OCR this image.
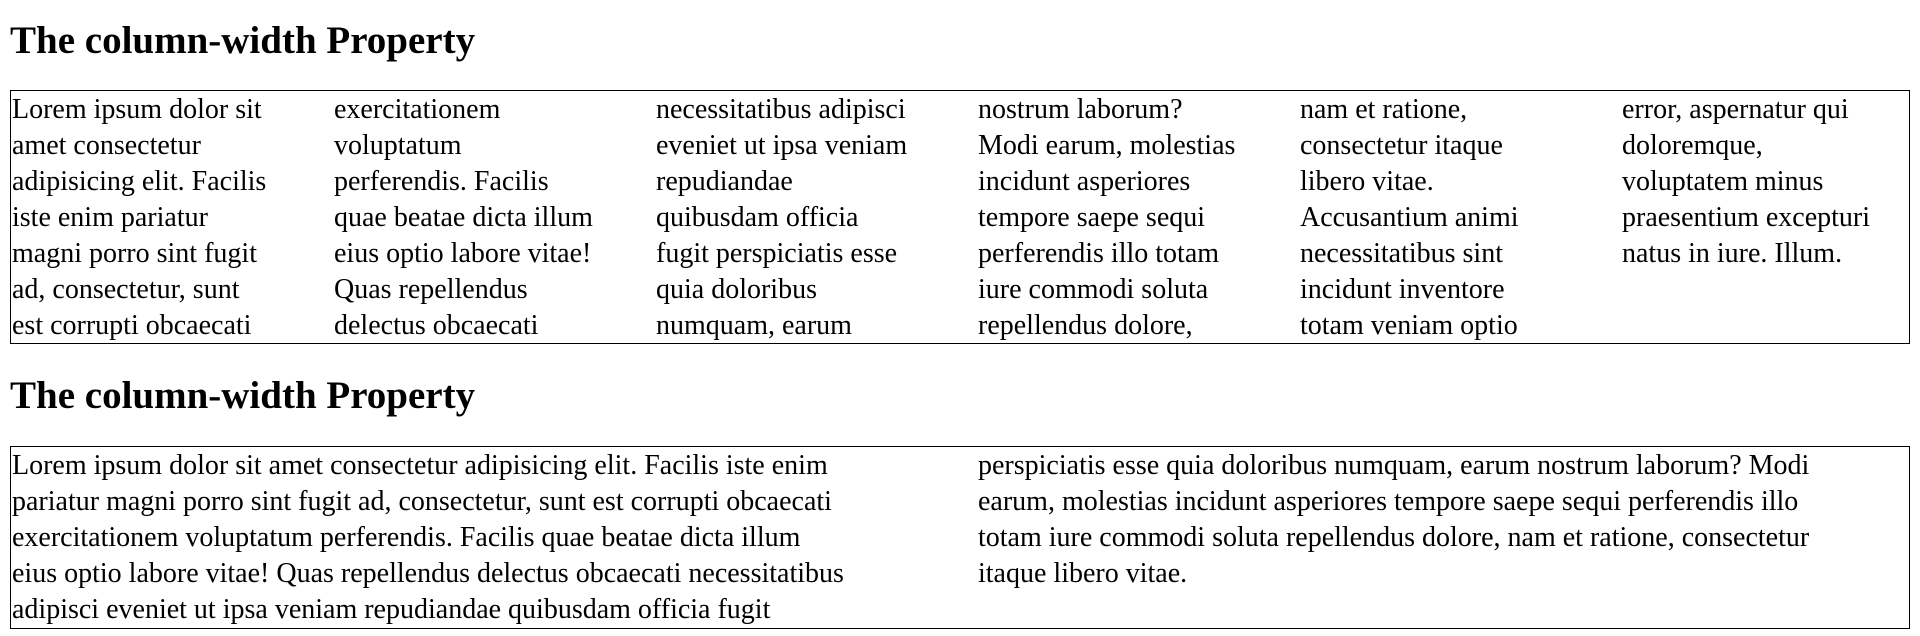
The column-width Property
Lorem ipsum dolor sit
amet consectetur
adipisicing elit. Facilis
iste enim pariatur
magni porro sint fugit
ad, consectetur, sunt
est corrupti obcaecati
exercitationem
voluptatum
perferendis. Facilis
quae beatae dicta illum
eius optio labore vitae!
Quas repellendus
delectus obcaecati
necessitatibus adipisci
eveniet ut ipsa veniam
repudiandae
quibusdam officia
fugit perspiciatis esse
quia doloribus
numquam, earum
nostrum laborum?
Modi earum, molestias
incidunt asperiores
tempore saepe sequi
perferendis illo totam
iure commodi soluta
repellendus dolore,
nam et ratione,
consectetur itaque
libero vitae.
Accusantium animi
necessitatibus sint
incidunt inventore
totam veniam optio
error, aspernatur qui
doloremque,
voluptatem minus
praesentium excepturi
natus in iure. Illum.
The column-width Property
Lorem ipsum dolor sit amet consectetur adipisicing elit. Facilis iste enim
pariatur magni porro sint fugit ad, consectetur, sunt est corrupti obcaecati
exercitationem voluptatum perferendis. Facilis quae beatae dicta illum
eius optio labore vitae! Quas repellendus delectus obcaecati necessitatibus
adipisci eveniet ut ipsa veniam repudiandae quibusdam officia fugit
perspiciatis esse quia doloribus numquam, earum nostrum laborum? Modi
earum, molestias incidunt asperiores tempore saepe sequi perferendis illo
totam iure commodi soluta repellendus dolore, nam et ratione, consectetur
itaque libero vitae.
